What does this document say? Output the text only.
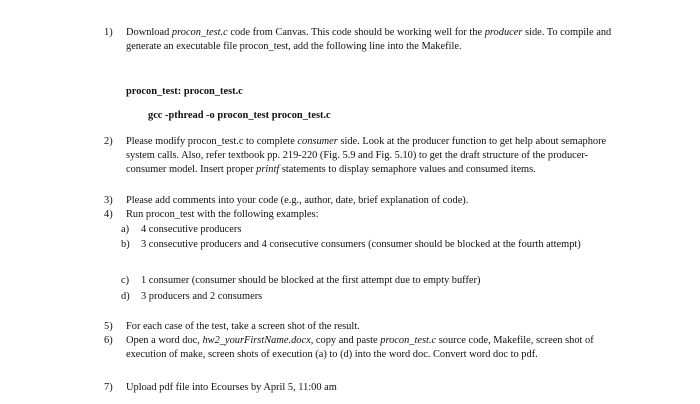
1)	Download procon_test.c code from Canvas. This code should be working well for the producer side. To compile and generate an executable file procon_test, add the following line into the Makefile.
procon_test: procon_test.c
gcc -pthread -o procon_test procon_test.c
2)	Please modify procon_test.c to complete consumer side. Look at the producer function to get help about semaphore system calls. Also, refer textbook pp. 219-220 (Fig. 5.9 and Fig. 5.10) to get the draft structure of the producer-consumer model. Insert proper printf statements to display semaphore values and consumed items.
3)	Please add comments into your code (e.g., author, date, brief explanation of code).
4)	Run procon_test with the following examples:
a)	4 consecutive producers
b)	3 consecutive producers and 4 consecutive consumers (consumer should be blocked at the fourth attempt)
c)	1 consumer (consumer should be blocked at the first attempt due to empty buffer)
d)	3 producers and 2 consumers
5)	For each case of the test, take a screen shot of the result.
6)	Open a word doc, hw2_yourFirstName.docx, copy and paste procon_test.c source code, Makefile, screen shot of execution of make, screen shots of execution (a) to (d) into the word doc. Convert word doc to pdf.
7)	Upload pdf file into Ecourses by April 5, 11:00 am
